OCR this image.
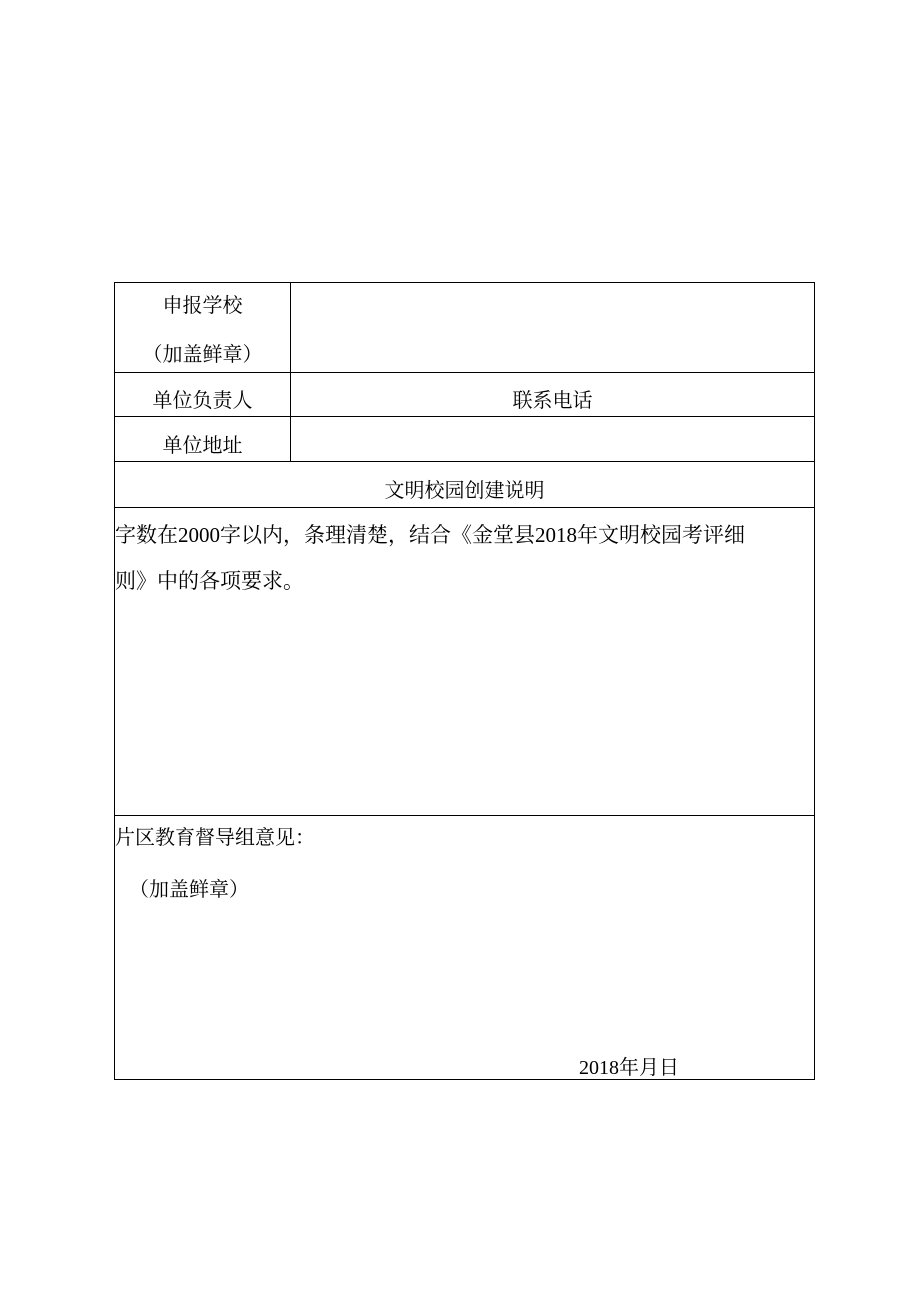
申报学校
（加盖鲜章）
单位负责人	联系电话
单位地址
文明校园创建说明
字数在2000字以内，条理清楚，结合《金堂县2018年文明校园考评细
则》中的各项要求。
片区教育督导组意见：
（加盖鲜章）
2018年月日
